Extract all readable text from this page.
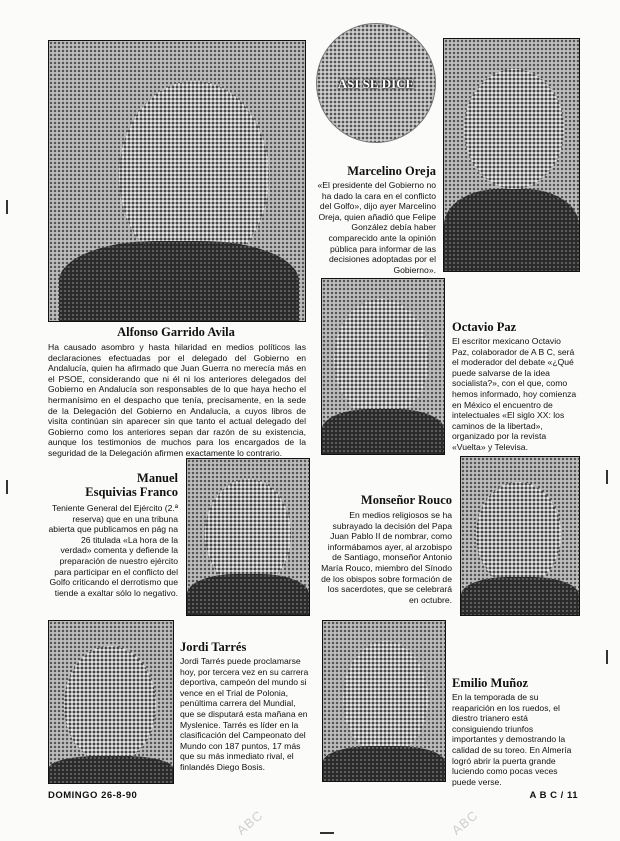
ABC	ABC
Alfonso Garrido Avila

Ha causado asombro y hasta hilaridad en medios políticos las declaraciones efectuadas por el delegado del Gobierno en Andalucía, quien ha afirmado que Juan Guerra no merecía más en el PSOE, considerando que ni él ni los anteriores delegados del Gobierno en Andalucía son responsables de lo que haya hecho el hermanísimo en el despacho que tenía, precisamente, en la sede de la Delegación del Gobierno en Andalucía, a cuyos libros de visita continúan sin aparecer sin que tanto el actual delegado del Gobierno como los anteriores sepan dar razón de su existencia, aunque los testimonios de muchos para los encargados de la seguridad de la Delegación afirmen exactamente lo contrario.

ASI SE DICE
Marcelino Oreja

«El presidente del Gobierno no ha dado la cara en el conflicto del Golfo», dijo ayer Marcelino Oreja, quien añadió que Felipe González debía haber comparecido ante la opinión pública para informar de las decisiones adoptadas por el Gobierno».

Octavio Paz

El escritor mexicano Octavio Paz, colaborador de A B C, será el moderador del debate «¿Qué puede salvarse de la idea socialista?», con el que, como hemos informado, hoy comienza en México el encuentro de intelectuales «El siglo XX: los caminos de la libertad», organizado por la revista «Vuelta» y Televisa.

Manuel
Esquivias Franco

Teniente General del Ejército (2.ª reserva) que en una tribuna abierta que publicamos en pág na 26 titulada «La hora de la verdad» comenta y defiende la preparación de nuestro ejército para participar en el conflicto del Golfo criticando el derrotismo que tiende a exaltar sólo lo negativo.

Monseñor Rouco

En medios religiosos se ha subrayado la decisión del Papa Juan Pablo II de nombrar, como informábamos ayer, al arzobispo de Santiago, monseñor Antonio María Rouco, miembro del Sínodo de los obispos sobre formación de los sacerdotes, que se celebrará en octubre.

Jordi Tarrés

Jordi Tarrés puede proclamarse hoy, por tercera vez en su carrera deportiva, campeón del mundo si vence en el Trial de Polonia, penúltima carrera del Mundial, que se disputará esta mañana en Myslenice. Tarrés es líder en la clasificación del Campeonato del Mundo con 187 puntos, 17 más que su más inmediato rival, el finlandés Diego Bosis.

Emilio Muñoz

En la temporada de su reaparición en los ruedos, el diestro trianero está consiguiendo triunfos importantes y demostrando la calidad de su toreo. En Almería logró abrir la puerta grande luciendo como pocas veces puede verse.

DOMINGO 26-8-90	A B C / 11
